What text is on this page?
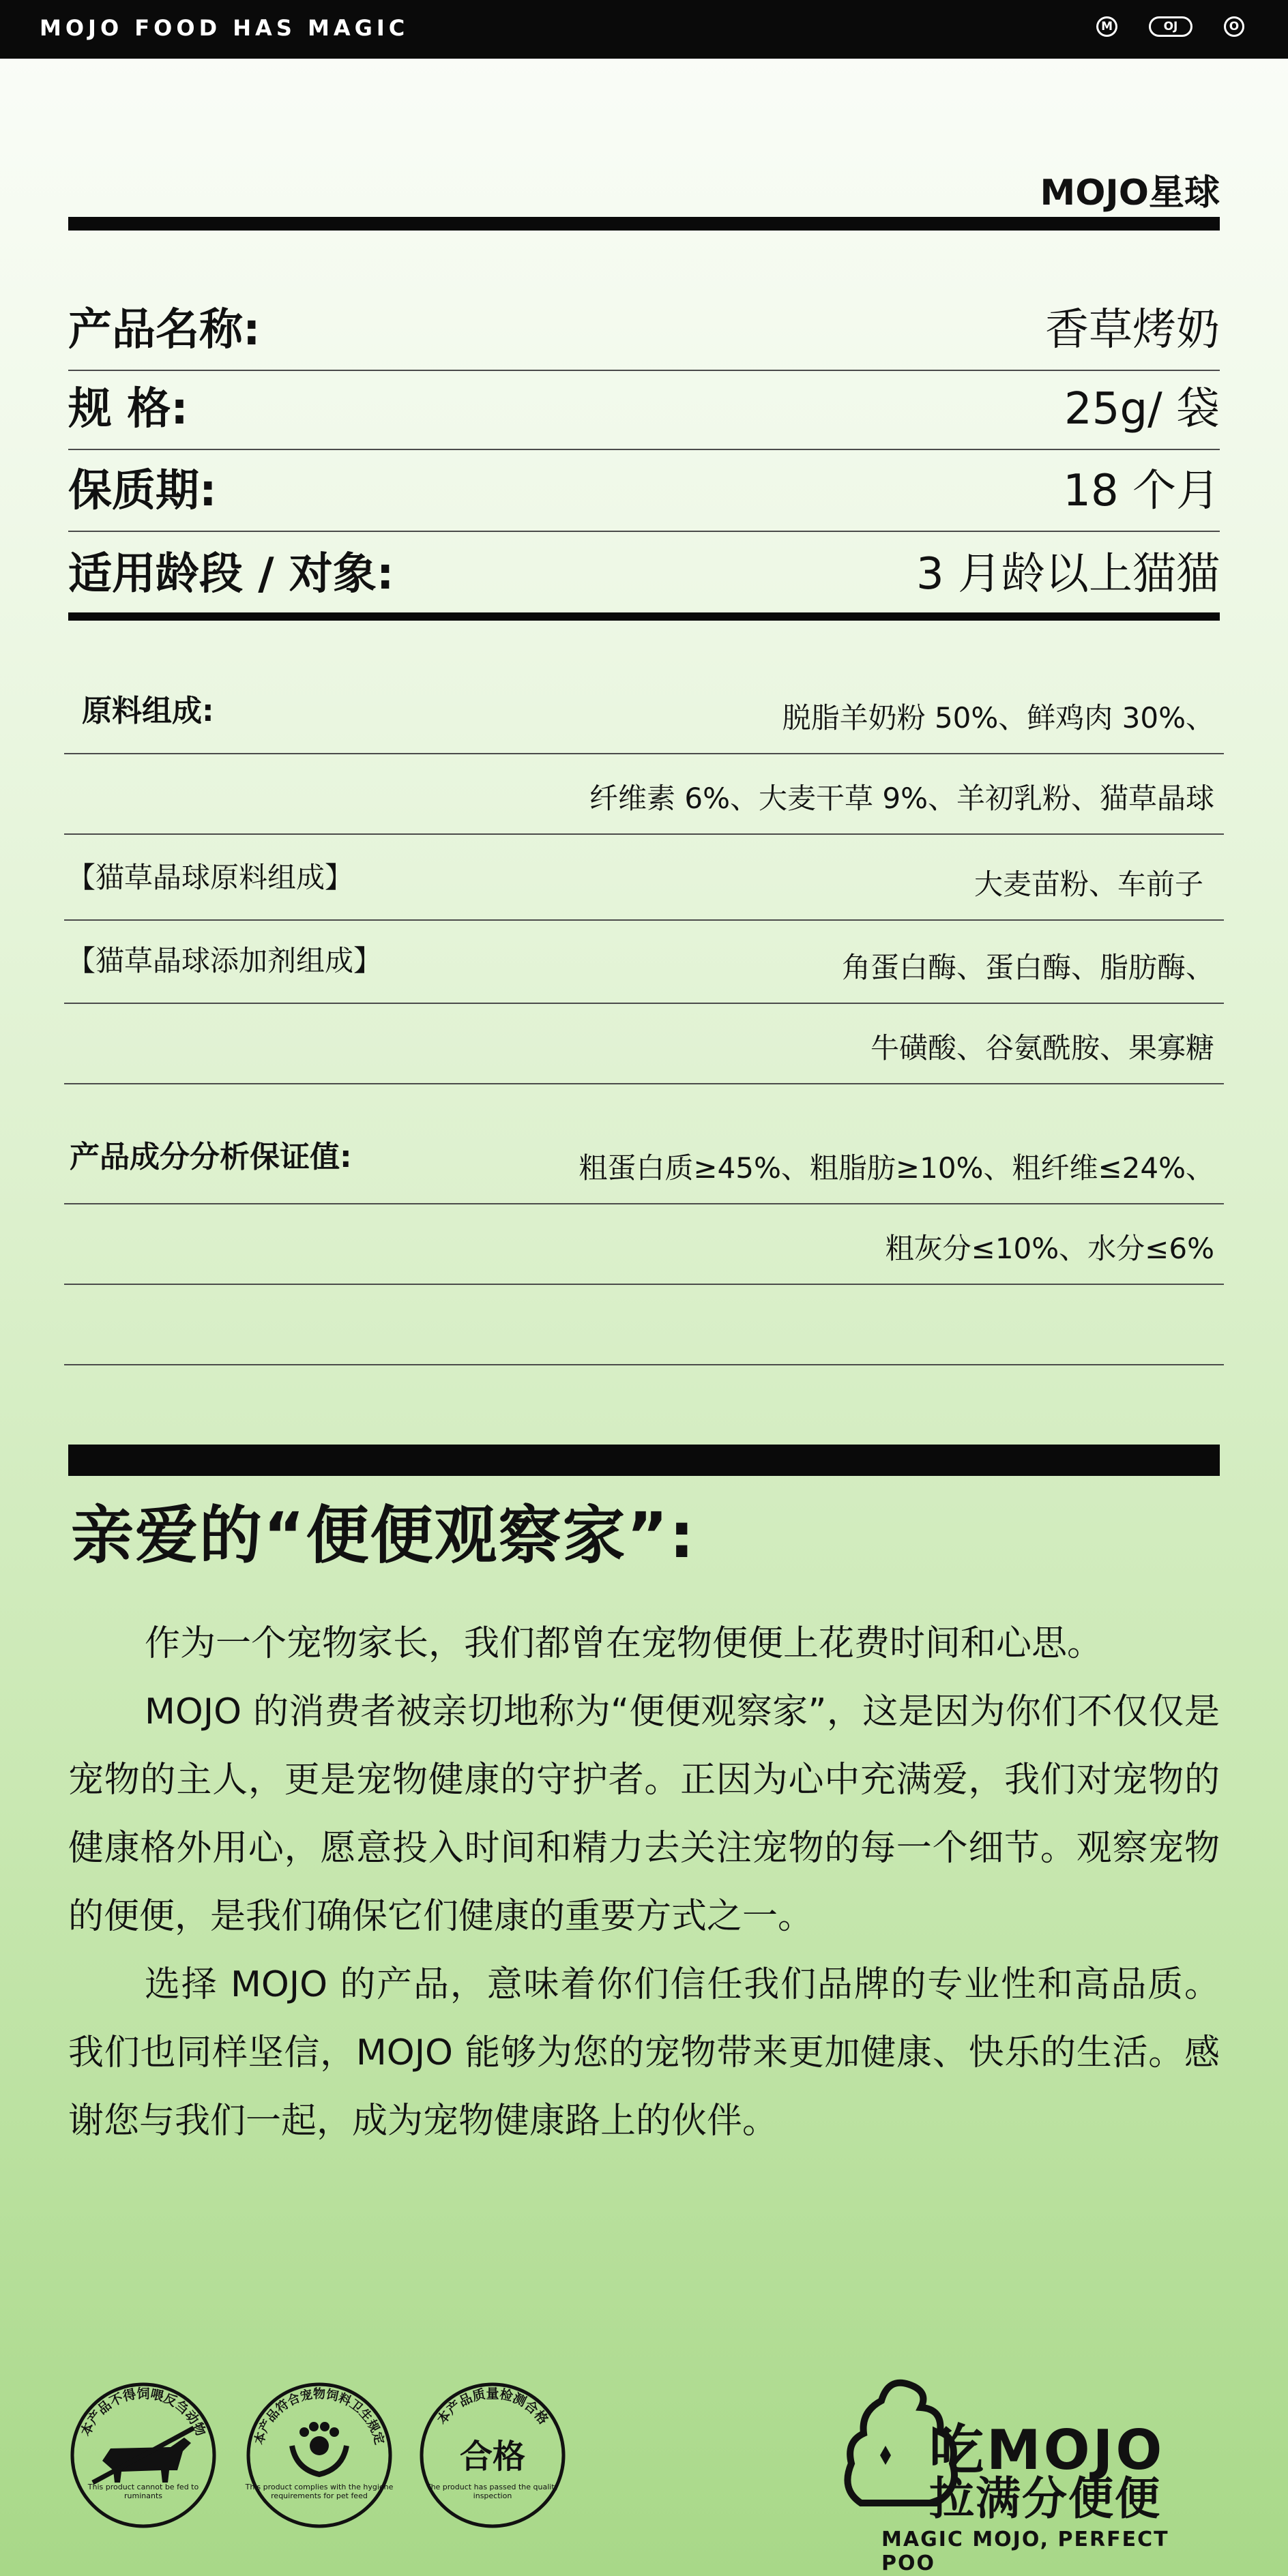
MOJO FOOD HAS MAGIC	M	OJ	O
MOJO星球
产品名称:	香草烤奶
规 格:	25g/ 袋
保质期:	18 个月
适用龄段 / 对象:	3 月龄以上猫猫
原料组成:	脱脂羊奶粉 50%、鲜鸡肉 30%、
纤维素 6%、大麦干草 9%、羊初乳粉、猫草晶球
【猫草晶球原料组成】	大麦苗粉、车前子
【猫草晶球添加剂组成】	角蛋白酶、蛋白酶、脂肪酶、
牛磺酸、谷氨酰胺、果寡糖
产品成分分析保证值:	粗蛋白质≥45%、粗脂肪≥10%、粗纤维≤24%、
粗灰分≤10%、水分≤6%
亲爱的“便便观察家”:

作为一个宠物家长，我们都曾在宠物便便上花费时间和心思。

MOJO 的消费者被亲切地称为“便便观察家”，这是因为你们不仅仅是宠物的主人，更是宠物健康的守护者。正因为心中充满爱，我们对宠物的健康格外用心，愿意投入时间和精力去关注宠物的每一个细节。观察宠物的便便，是我们确保它们健康的重要方式之一。

选择 MOJO 的产品，意味着你们信任我们品牌的专业性和高品质。我们也同样坚信，MOJO 能够为您的宠物带来更加健康、快乐的生活。感谢您与我们一起，成为宠物健康路上的伙伴。

本产品不得饲喂反刍动物
This product cannot be fed to ruminants
本产品符合宠物饲料卫生规定
This product complies with the hygiene requirements for pet feed
本产品质量检测合格
合格
The product has passed the quality inspection
吃MOJO
拉满分便便
MAGIC MOJO, PERFECT POO
